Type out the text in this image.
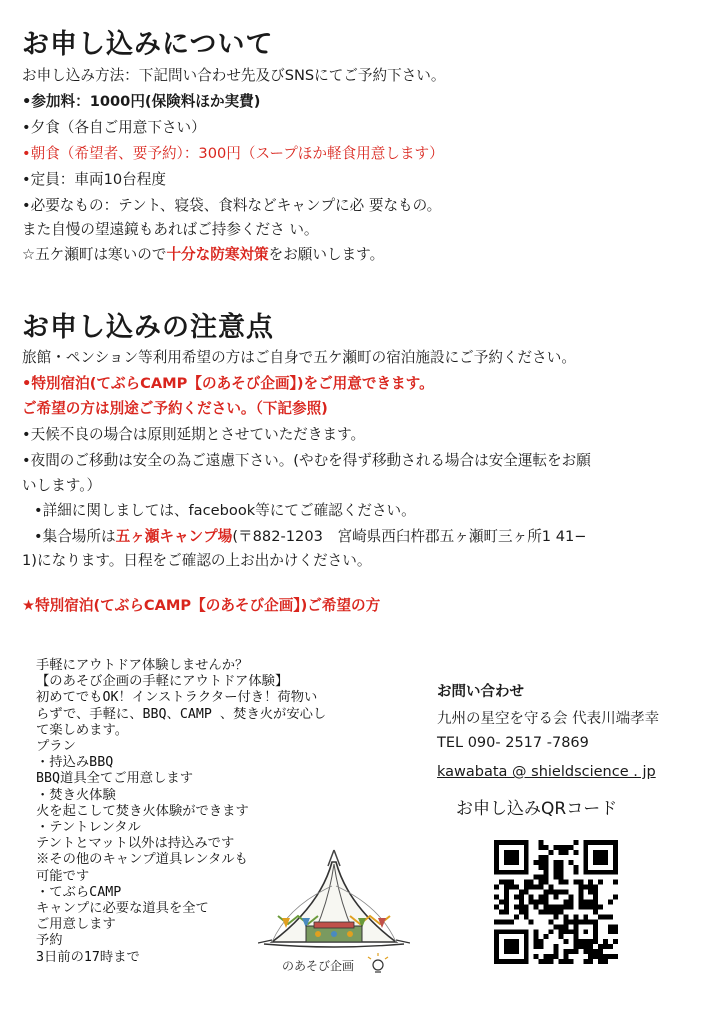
お申し込みについて
お申し込み方法：下記問い合わせ先及びSNSにてご予約下さい。
•参加料：1000円(保険料ほか実費)
•夕食（各自ご用意下さい）
•朝食（希望者、要予約）：300円（スープほか軽食用意します）
•定員：車両10台程度
•必要なもの：テント、寝袋、食料などキャンプに必 要なもの。
また自慢の望遠鏡もあればご持参くださ い。
☆五ケ瀬町は寒いので十分な防寒対策をお願いします。
お申し込みの注意点
旅館・ペンション等利用希望の方はご自身で五ケ瀬町の宿泊施設にご予約ください。
•特別宿泊(てぶらCAMP【のあそび企画】)をご用意できます。
ご希望の方は別途ご予約ください。（下記参照)
•天候不良の場合は原則延期とさせていただきます。
•夜間のご移動は安全の為ご遠慮下さい。(やむを得ず移動される場合は安全運転をお願
いします。）
•詳細に関しましては、facebook等にてご確認ください。
•集合場所は五ヶ瀬キャンプ場(〒882-1203　宮崎県西臼杵郡五ヶ瀬町三ヶ所1 41−
1)になります。日程をご確認の上お出かけください。
★特別宿泊(てぶらCAMP【のあそび企画】)ご希望の方
手軽にアウトドア体験しませんか？
【のあそび企画の手軽にアウトドア体験】
初めてでもOK！インストラクター付き！荷物い
らずで、手軽に、BBQ、CAMP 、焚き火が安心し
て楽しめます。
プラン
・持込みBBQ
BBQ道具全てご用意します
・焚き火体験
火を起こして焚き火体験ができます
・テントレンタル
テントとマット以外は持込みです
※その他のキャンプ道具レンタルも
可能です
・てぶらCAMP
キャンプに必要な道具を全て
ご用意します
予約
3日前の17時まで
のあそび企画
お問い合わせ
九州の星空を守る会 代表川端孝幸
TEL 090- 2517 -7869
kawabata @ shieldscience . jp
お申し込みQRコード
